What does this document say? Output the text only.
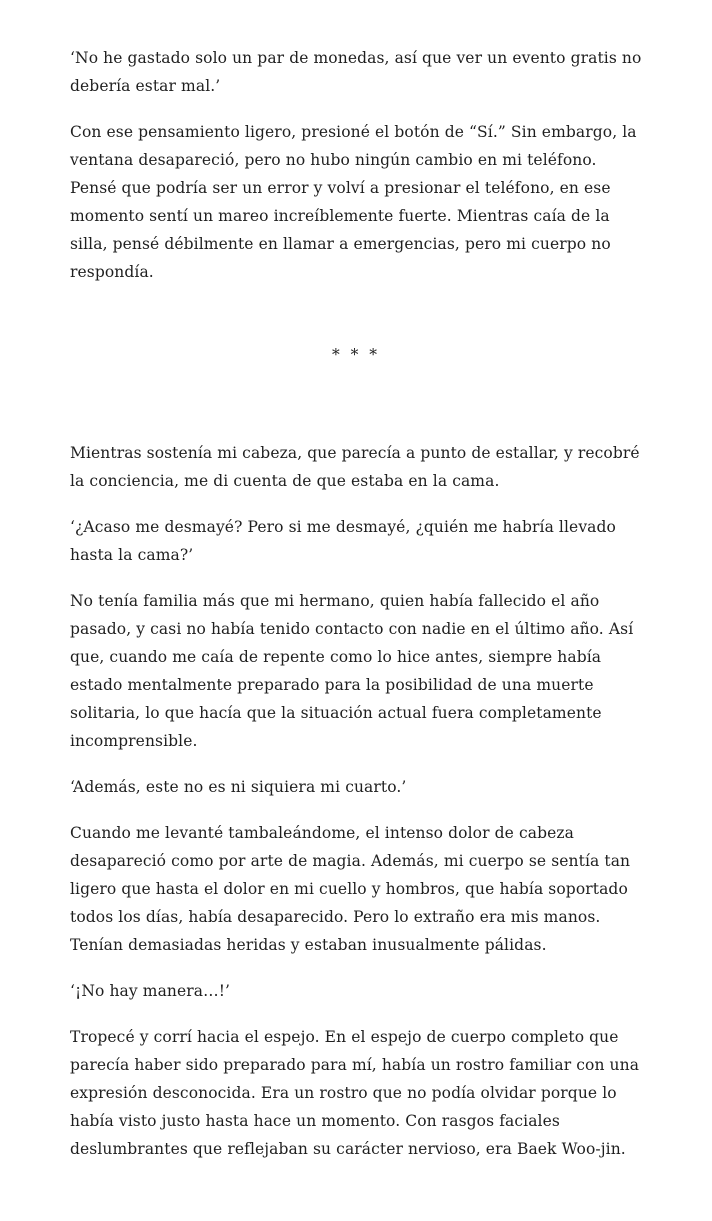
‘No he gastado solo un par de monedas, así que ver un evento gratis no debería estar mal.’

Con ese pensamiento ligero, presioné el botón de “Sí.” Sin embargo, la ventana desapareció, pero no hubo ningún cambio en mi teléfono. Pensé que podría ser un error y volví a presionar el teléfono, en ese momento sentí un mareo increíblemente fuerte. Mientras caía de la silla, pensé débilmente en llamar a emergencias, pero mi cuerpo no respondía.

* * *

Mientras sostenía mi cabeza, que parecía a punto de estallar, y recobré la conciencia, me di cuenta de que estaba en la cama.

‘¿Acaso me desmayé? Pero si me desmayé, ¿quién me habría llevado hasta la cama?’

No tenía familia más que mi hermano, quien había fallecido el año pasado, y casi no había tenido contacto con nadie en el último año. Así que, cuando me caía de repente como lo hice antes, siempre había estado mentalmente preparado para la posibilidad de una muerte solitaria, lo que hacía que la situación actual fuera completamente incomprensible.

‘Además, este no es ni siquiera mi cuarto.’

Cuando me levanté tambaleándome, el intenso dolor de cabeza desapareció como por arte de magia. Además, mi cuerpo se sentía tan ligero que hasta el dolor en mi cuello y hombros, que había soportado todos los días, había desaparecido. Pero lo extraño era mis manos. Tenían demasiadas heridas y estaban inusualmente pálidas.

‘¡No hay manera…!’

Tropecé y corrí hacia el espejo. En el espejo de cuerpo completo que parecía haber sido preparado para mí, había un rostro familiar con una expresión desconocida. Era un rostro que no podía olvidar porque lo había visto justo hasta hace un momento. Con rasgos faciales deslumbrantes que reflejaban su carácter nervioso, era Baek Woo-jin.
